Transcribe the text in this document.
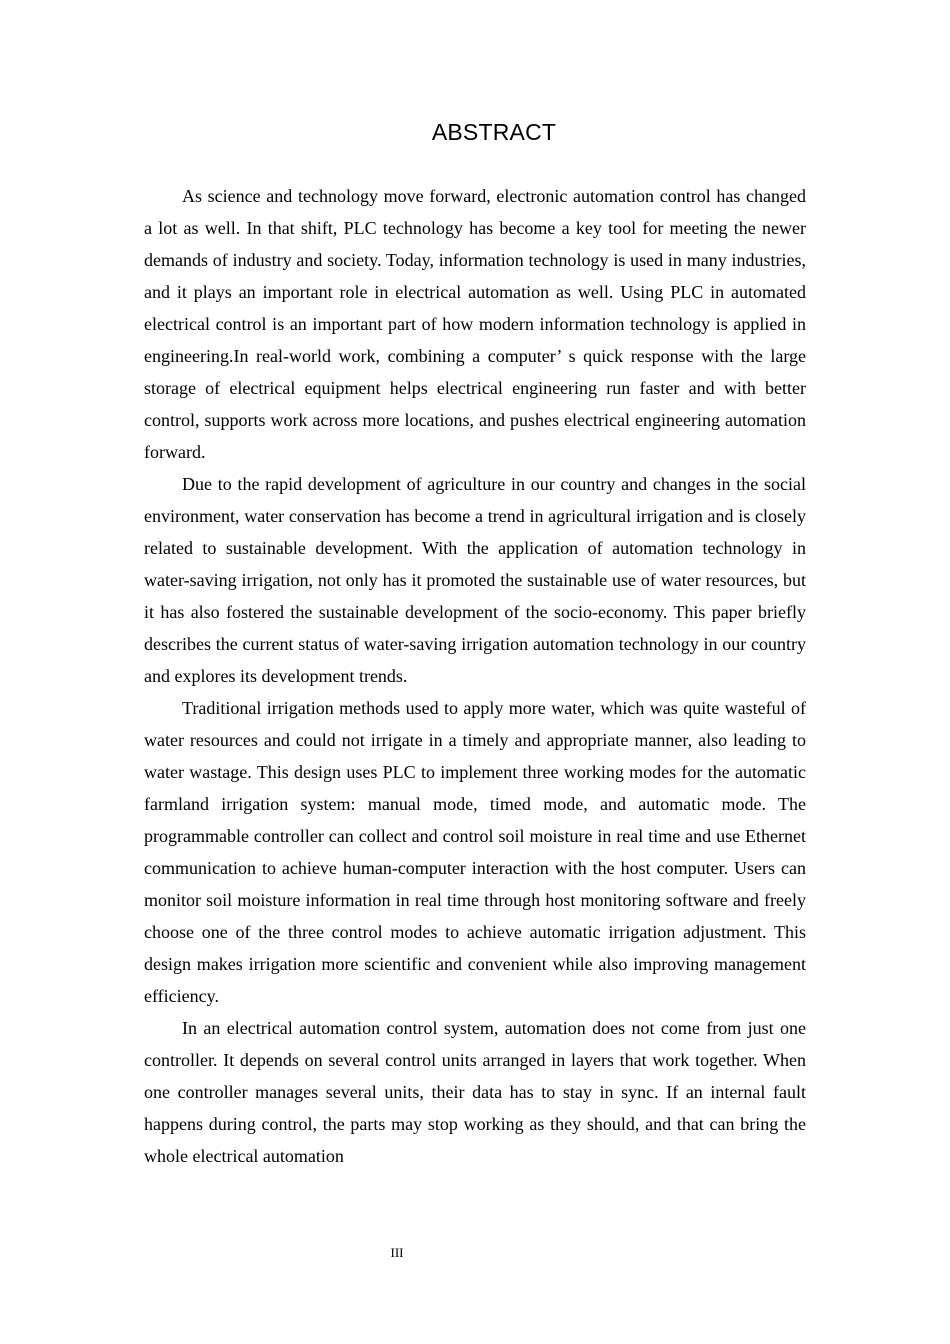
ABSTRACT

As science and technology move forward, electronic automation control has changed a lot as well. In that shift, PLC technology has become a key tool for meeting the newer demands of industry and society. Today, information technology is used in many industries, and it plays an important role in electrical automation as well. Using PLC in automated electrical control is an important part of how modern information technology is applied in engineering.In real-world work, combining a computer’ s quick response with the large storage of electrical equipment helps electrical engineering run faster and with better control, supports work across more locations, and pushes electrical engineering automation forward.

Due to the rapid development of agriculture in our country and changes in the social environment, water conservation has become a trend in agricultural irrigation and is closely related to sustainable development. With the application of automation technology in water-saving irrigation, not only has it promoted the sustainable use of water resources, but it has also fostered the sustainable development of the socio-economy. This paper briefly describes the current status of water-saving irrigation automation technology in our country and explores its development trends.

Traditional irrigation methods used to apply more water, which was quite wasteful of water resources and could not irrigate in a timely and appropriate manner, also leading to water wastage. This design uses PLC to implement three working modes for the automatic farmland irrigation system: manual mode, timed mode, and automatic mode. The programmable controller can collect and control soil moisture in real time and use Ethernet communication to achieve human-computer interaction with the host computer. Users can monitor soil moisture information in real time through host monitoring software and freely choose one of the three control modes to achieve automatic irrigation adjustment. This design makes irrigation more scientific and convenient while also improving management efficiency.

In an electrical automation control system, automation does not come from just one controller. It depends on several control units arranged in layers that work together. When one controller manages several units, their data has to stay in sync. If an internal fault happens during control, the parts may stop working as they should, and that can bring the whole electrical automation

III
